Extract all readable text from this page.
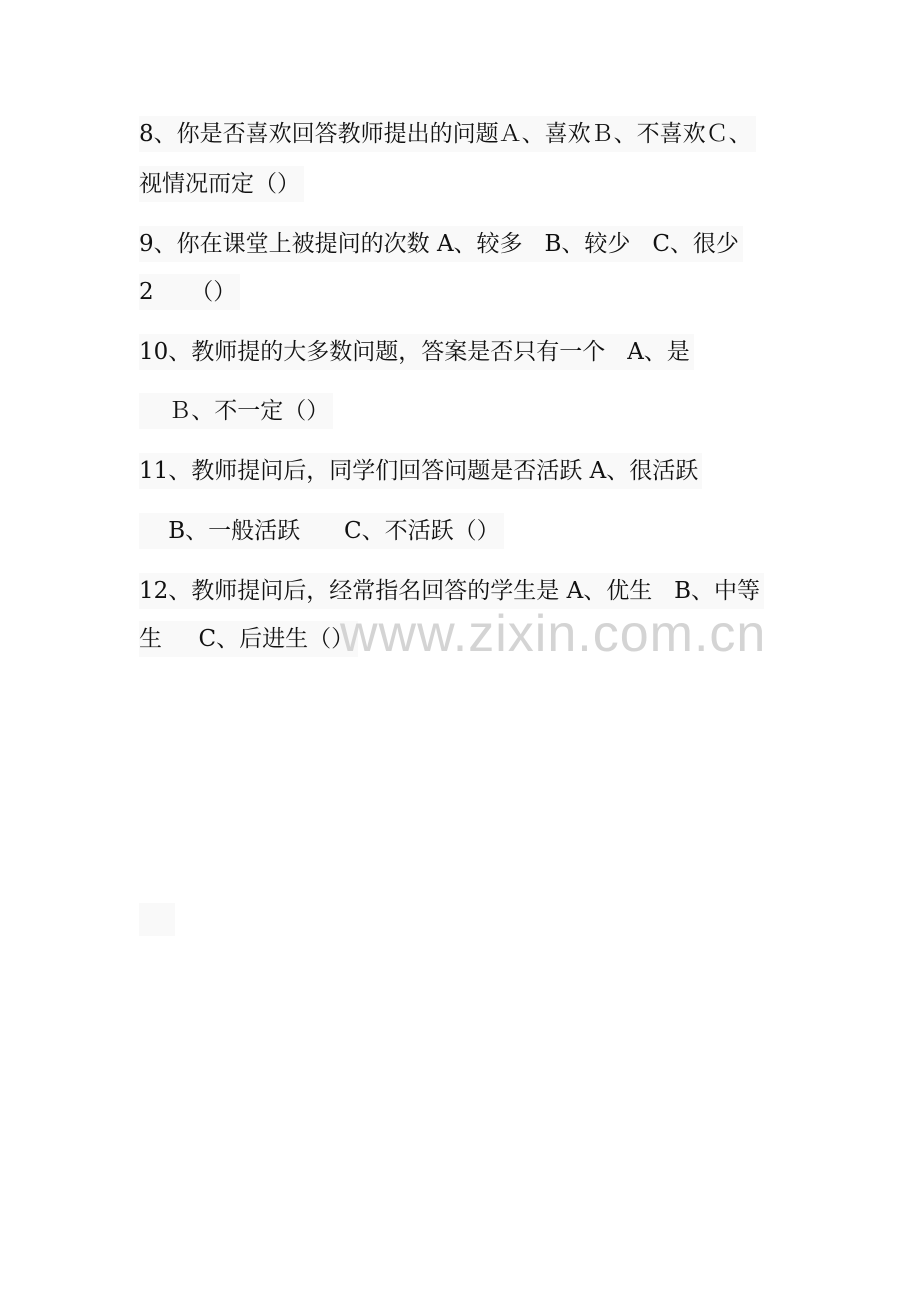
8、你是否喜欢回答教师提出的问题Ａ、喜欢Ｂ、不喜欢Ｃ、
视情况而定（）
9、你在课堂上被提问的次数 A、较多   B、较少   C、很少
2     （）
10、教师提的大多数问题，答案是否只有一个   A、是
Ｂ、不一定（）
11、教师提问后，同学们回答问题是否活跃 A、很活跃
B、一般活跃      C、不活跃（）
12、教师提问后，经常指名回答的学生是 A、优生   B、中等
生     C、后进生（）
www.zixin.com.cn
